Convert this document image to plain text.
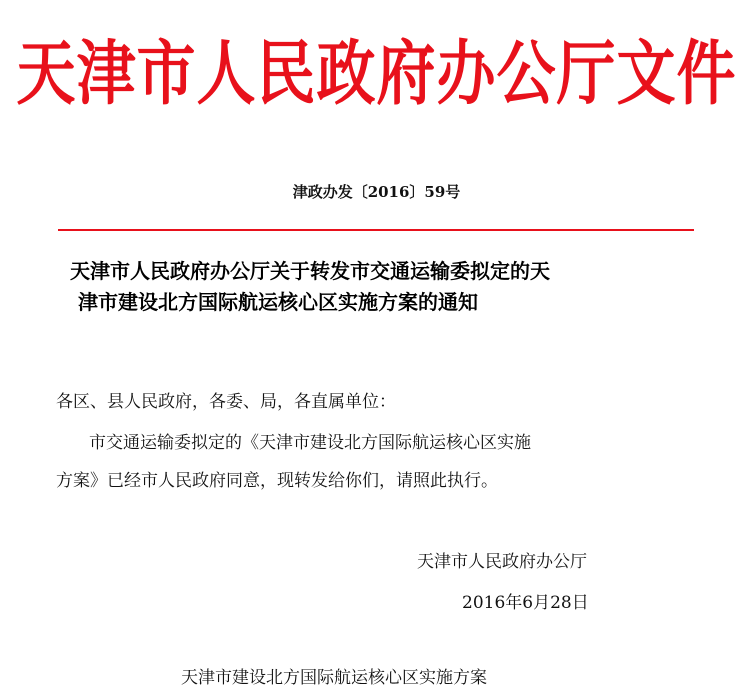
天津市人民政府办公厅文件
津政办发〔2016〕59号
天津市人民政府办公厅关于转发市交通运输委拟定的天
津市建设北方国际航运核心区实施方案的通知
各区、县人民政府，各委、局，各直属单位：
市交通运输委拟定的《天津市建设北方国际航运核心区实施
方案》已经市人民政府同意，现转发给你们，请照此执行。
天津市人民政府办公厅
2016年6月28日
天津市建设北方国际航运核心区实施方案
